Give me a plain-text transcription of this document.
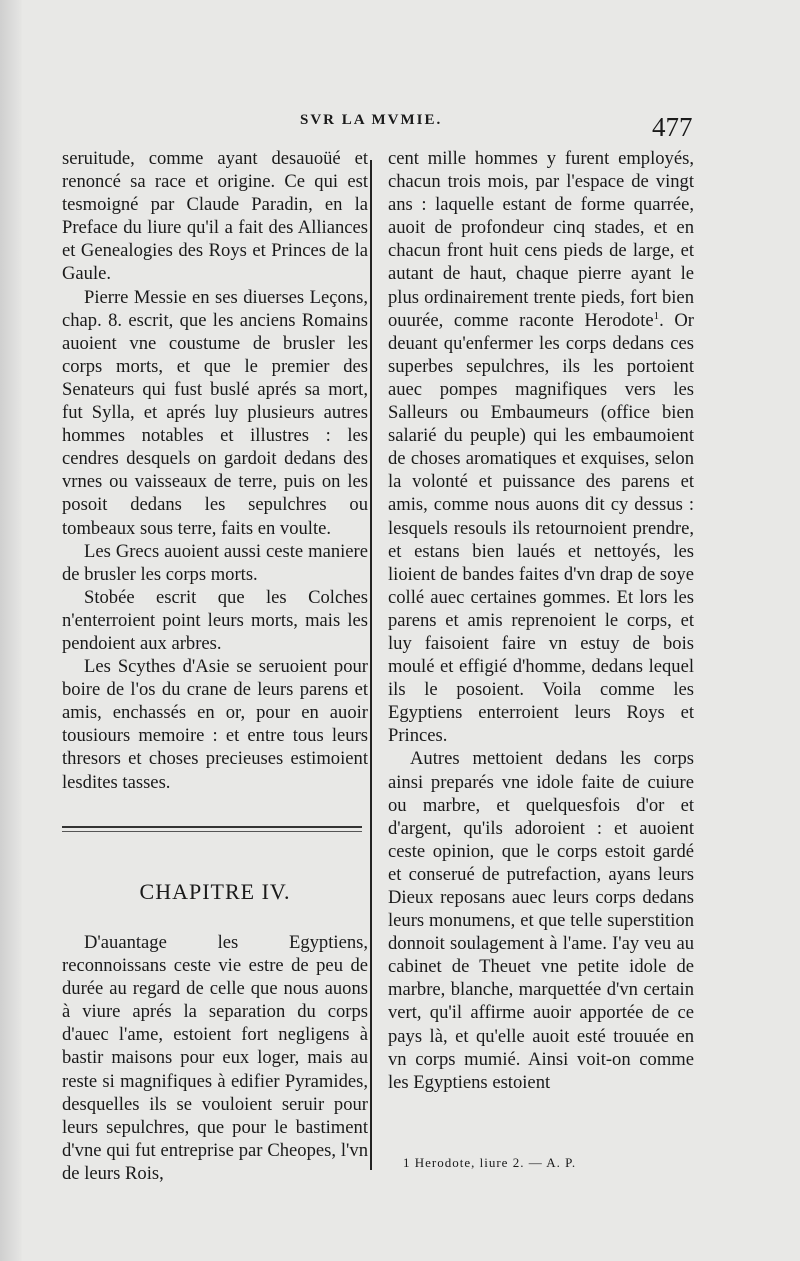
SVR LA MVMIE.	477

seruitude, comme ayant desauoüé et renoncé sa race et origine. Ce qui est tesmoigné par Claude Paradin, en la Preface du liure qu'il a fait des Alliances et Genealogies des Roys et Princes de la Gaule.

Pierre Messie en ses diuerses Leçons, chap. 8. escrit, que les anciens Romains auoient vne coustume de brusler les corps morts, et que le premier des Senateurs qui fust buslé aprés sa mort, fut Sylla, et aprés luy plusieurs autres hommes notables et illustres : les cendres desquels on gardoit dedans des vrnes ou vaisseaux de terre, puis on les posoit dedans les sepulchres ou tombeaux sous terre, faits en voulte.

Les Grecs auoient aussi ceste maniere de brusler les corps morts.

Stobée escrit que les Colches n'enterroient point leurs morts, mais les pendoient aux arbres.

Les Scythes d'Asie se seruoient pour boire de l'os du crane de leurs parens et amis, enchassés en or, pour en auoir tousiours memoire : et entre tous leurs thresors et choses precieuses estimoient lesdites tasses.

CHAPITRE IV.

D'auantage les Egyptiens, reconnoissans ceste vie estre de peu de durée au regard de celle que nous auons à viure aprés la separation du corps d'auec l'ame, estoient fort negligens à bastir maisons pour eux loger, mais au reste si magnifiques à edifier Pyramides, desquelles ils se vouloient seruir pour leurs sepulchres, que pour le bastiment d'vne qui fut entreprise par Cheopes, l'vn de leurs Rois,

cent mille hommes y furent employés, chacun trois mois, par l'espace de vingt ans : laquelle estant de forme quarrée, auoit de profondeur cinq stades, et en chacun front huit cens pieds de large, et autant de haut, chaque pierre ayant le plus ordinairement trente pieds, fort bien ouurée, comme raconte Herodote$^1$. Or deuant qu'enfermer les corps dedans ces superbes sepulchres, ils les portoient auec pompes magnifiques vers les Salleurs ou Embaumeurs (office bien salarié du peuple) qui les embaumoient de choses aromatiques et exquises, selon la volonté et puissance des parens et amis, comme nous auons dit cy dessus : lesquels resouls ils retournoient prendre, et estans bien laués et nettoyés, les lioient de bandes faites d'vn drap de soye collé auec certaines gommes. Et lors les parens et amis reprenoient le corps, et luy faisoient faire vn estuy de bois moulé et effigié d'homme, dedans lequel ils le posoient. Voila comme les Egyptiens enterroient leurs Roys et Princes.

Autres mettoient dedans les corps ainsi preparés vne idole faite de cuiure ou marbre, et quelquesfois d'or et d'argent, qu'ils adoroient : et auoient ceste opinion, que le corps estoit gardé et conserué de putrefaction, ayans leurs Dieux reposans auec leurs corps dedans leurs monumens, et que telle superstition donnoit soulagement à l'ame. I'ay veu au cabinet de Theuet vne petite idole de marbre, blanche, marquettée d'vn certain vert, qu'il affirme auoir apportée de ce pays là, et qu'elle auoit esté trouuée en vn corps mumié. Ainsi voit-on comme les Egyptiens estoient

1 Herodote, liure 2. — A. P.
